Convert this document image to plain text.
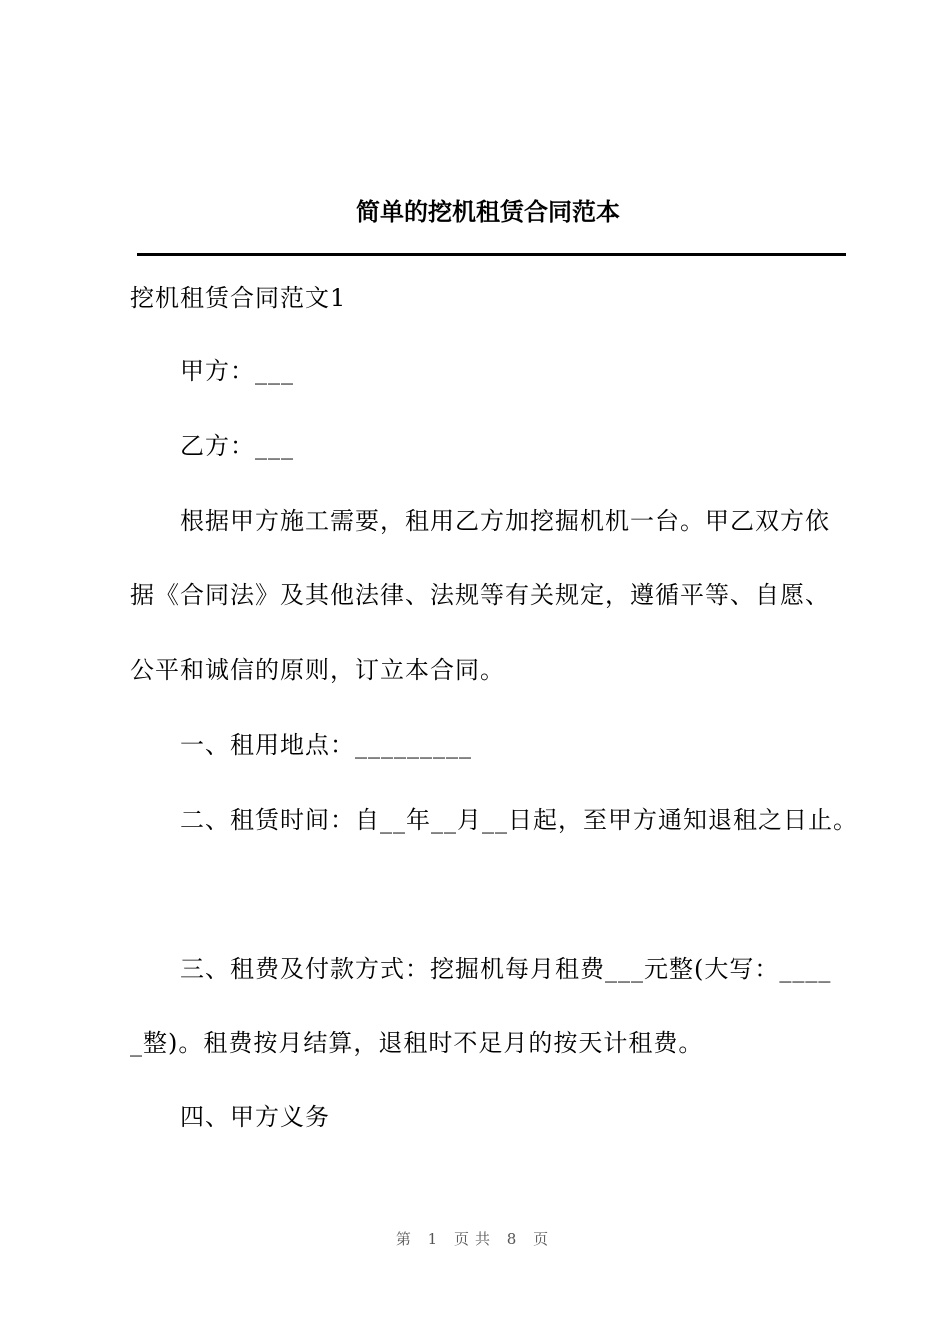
简单的挖机租赁合同范本

挖机租赁合同范文1

甲方：___

乙方：___

根据甲方施工需要，租用乙方加挖掘机机一台。甲乙双方依

据《合同法》及其他法律、法规等有关规定，遵循平等、自愿、

公平和诚信的原则，订立本合同。

一、租用地点：_________

二、租赁时间：自__年__月__日起，至甲方通知退租之日止。

三、租费及付款方式：挖掘机每月租费___元整(大写：____

_整)。租费按月结算，退租时不足月的按天计租费。

四、甲方义务

第 1 页共 8 页
